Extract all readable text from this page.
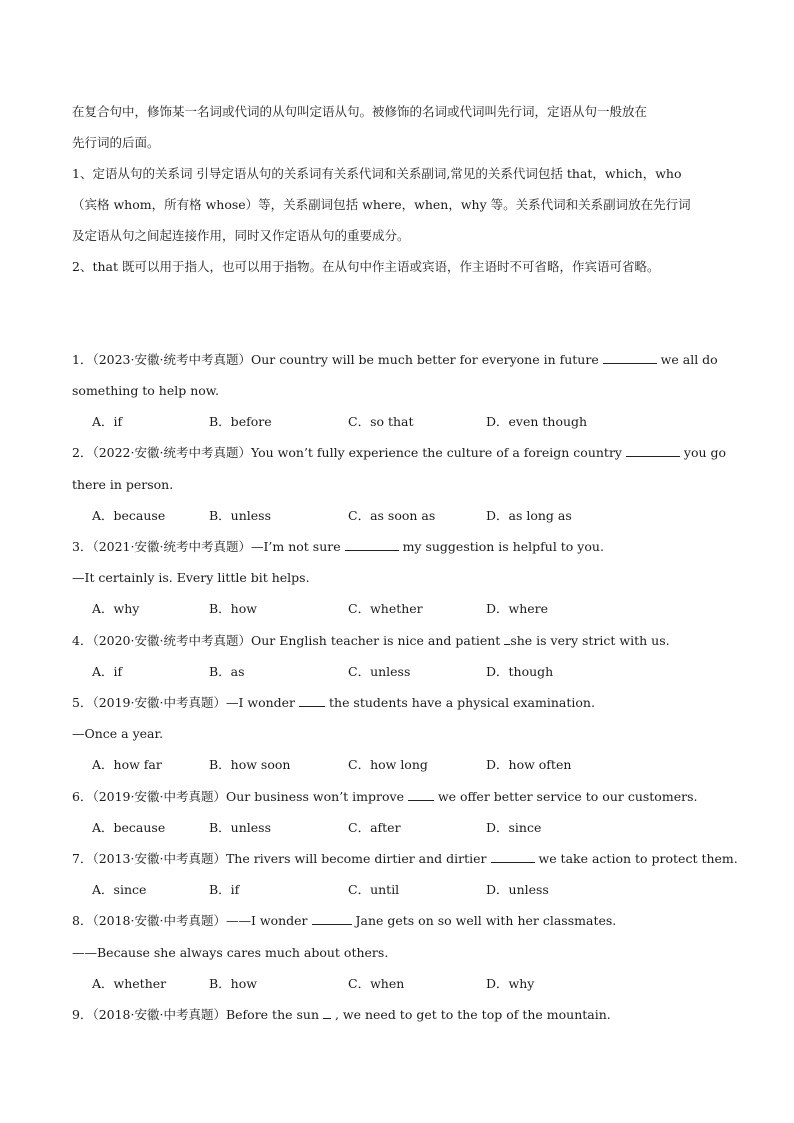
在复合句中，修饰某一名词或代词的从句叫定语从句。被修饰的名词或代词叫先行词，定语从句一般放在

先行词的后面。

1、定语从句的关系词 引导定语从句的关系词有关系代词和关系副词,常见的关系代词包括 that，which，who

（宾格 whom，所有格 whose）等，关系副词包括 where，when，why 等。关系代词和关系副词放在先行词

及定语从句之间起连接作用，同时又作定语从句的重要成分。

2、that 既可以用于指人，也可以用于指物。在从句中作主语或宾语，作主语时不可省略，作宾语可省略。

1．（2023·安徽·统考中考真题）Our country will be much better for everyone in future	we all do
something to help now.
A．if	B．before	C．so that	D．even though
2．（2022·安徽·统考中考真题）You won’t fully experience the culture of a foreign country	you go
there in person.
A．because	B．unless	C．as soon as	D．as long as
3．（2021·安徽·统考中考真题）—I’m not sure	my suggestion is helpful to you.
—It certainly is. Every little bit helps.
A．why	B．how	C．whether	D．where
4．（2020·安徽·统考中考真题）Our English teacher is nice and patient she is very strict with us.
A．if	B．as	C．unless	D．though
5．（2019·安徽·中考真题）—I wonder  the students have a physical examination.
—Once a year.
A．how far	B．how soon	C．how long	D．how often
6．（2019·安徽·中考真题）Our business won’t improve  we offer better service to our customers.
A．because	B．unless	C．after	D．since
7．（2013·安徽·中考真题）The rivers will become dirtier and dirtier	we take action to protect them.
A．since	B．if	C．until	D．unless
8．（2018·安徽·中考真题）——I wonder	Jane gets on so well with her classmates.
——Because she always cares much about others.
A．whether	B．how	C．when	D．why
9．（2018·安徽·中考真题）Before the sun  , we need to get to the top of the mountain.
